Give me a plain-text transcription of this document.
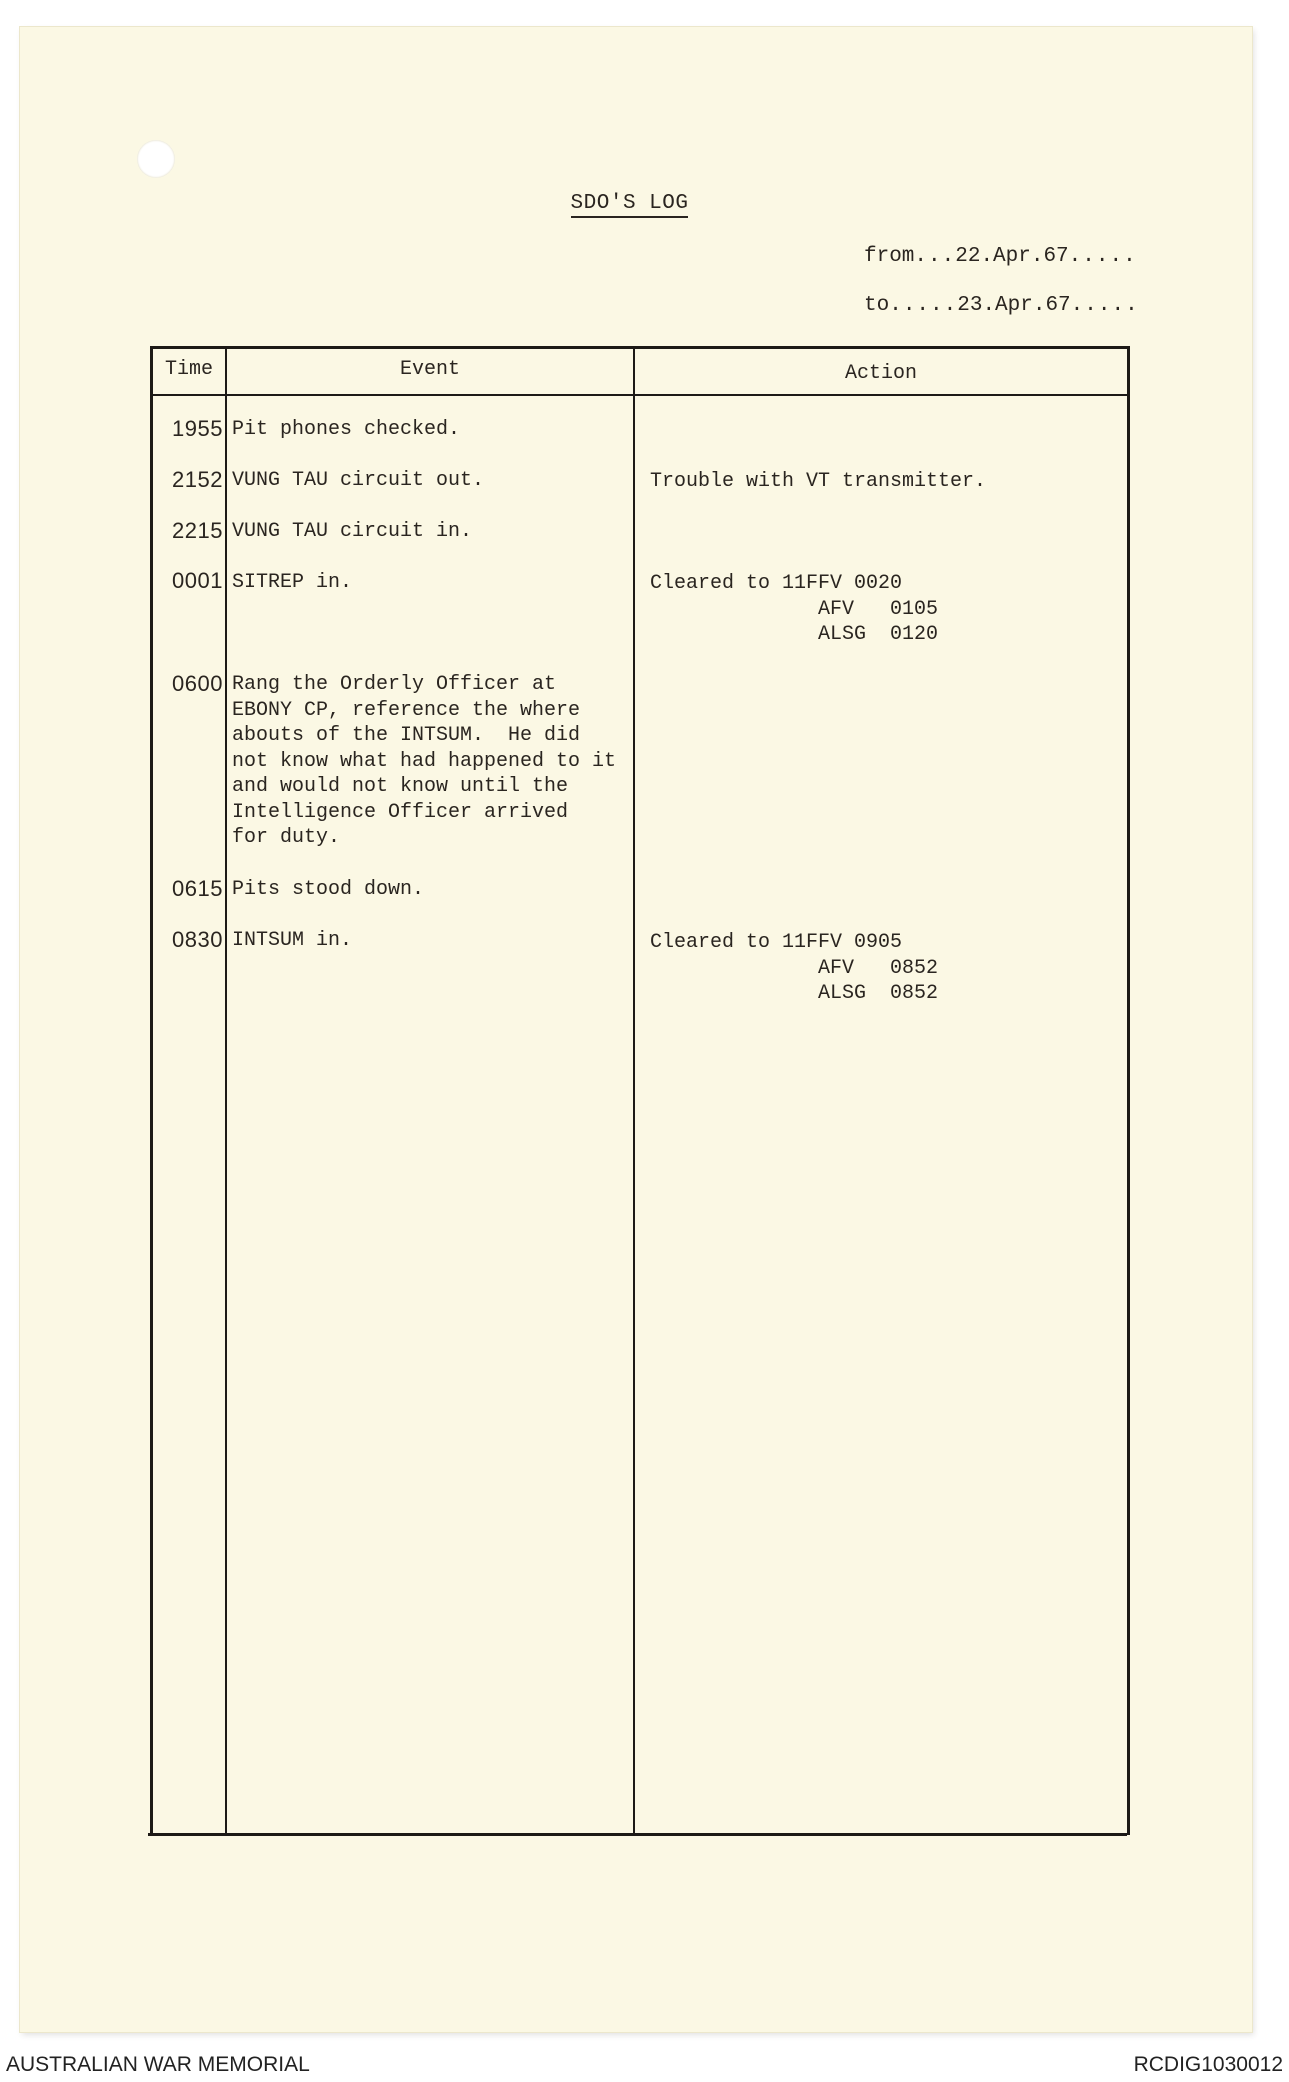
SDO'S LOG
from...22.Apr.67.....
to.....23.Apr.67.....
Time	Event	Action
1955 Pit phones checked.
2152 VUNG TAU circuit out.	Trouble with VT transmitter.
2215 VUNG TAU circuit in.
0001 SITREP in.	Cleared to 11FFV 0020
AFV   0105
ALSG  0120
0600 Rang the Orderly Officer at
EBONY CP, reference the where
abouts of the INTSUM.  He did
not know what had happened to it
and would not know until the
Intelligence Officer arrived
for duty.
0615 Pits stood down.
0830 INTSUM in.	Cleared to 11FFV 0905
AFV   0852
ALSG  0852
AUSTRALIAN WAR MEMORIAL	RCDIG1030012
